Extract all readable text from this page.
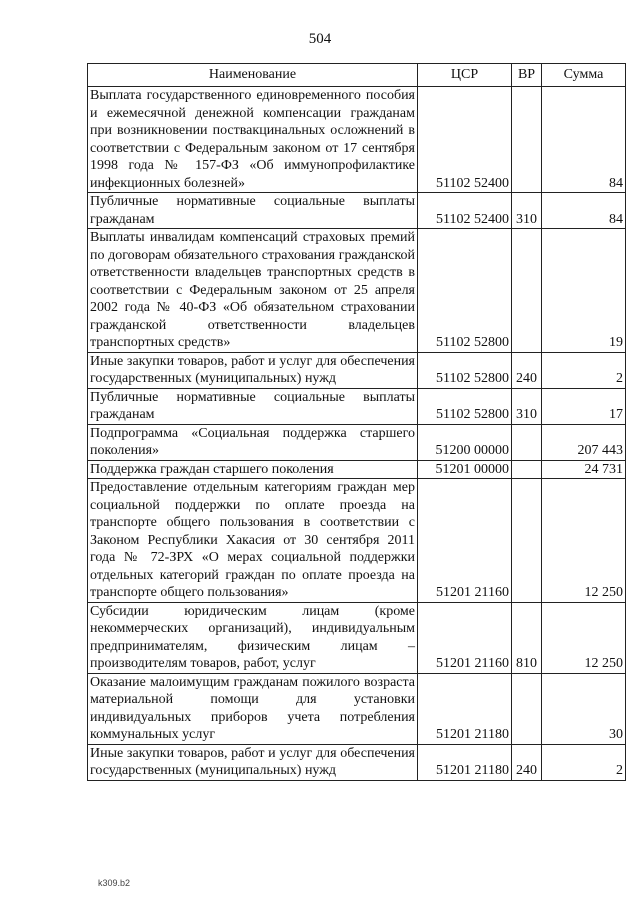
504
Наименование	ЦСР	ВР	Сумма
Выплата государственного единовременного пособия и ежемесячной денежной компенсации гражданам при возникновении поствакцинальных осложнений в соответствии с Федеральным законом от 17 сентября 1998 года № 157-ФЗ «Об иммунопрофилактике инфекционных болезней»	51102 52400		84
Публичные нормативные социальные выплаты гражданам	51102 52400	310	84
Выплаты инвалидам компенсаций страховых премий по договорам обязательного страхования гражданской ответственности владельцев транспортных средств в соответствии с Федеральным законом от 25 апреля 2002 года № 40-ФЗ «Об обязательном страховании гражданской ответственности владельцев транспортных средств»	51102 52800		19
Иные закупки товаров, работ и услуг для обеспечения государственных (муниципальных) нужд	51102 52800	240	2
Публичные нормативные социальные выплаты гражданам	51102 52800	310	17
Подпрограмма «Социальная поддержка старшего поколения»	51200 00000		207 443
Поддержка граждан старшего поколения	51201 00000		24 731
Предоставление отдельным категориям граждан мер социальной поддержки по оплате проезда на транспорте общего пользования в соответствии с Законом Республики Хакасия от 30 сентября 2011 года № 72-ЗРХ «О мерах социальной поддержки отдельных категорий граждан по оплате проезда на транспорте общего пользования»	51201 21160		12 250
Субсидии юридическим лицам (кроме некоммерческих организаций), индивидуальным предпринимателям, физическим лицам – производителям товаров, работ, услуг	51201 21160	810	12 250
Оказание малоимущим гражданам пожилого возраста материальной помощи для установки индивидуальных приборов учета потребления коммунальных услуг	51201 21180		30
Иные закупки товаров, работ и услуг для обеспечения государственных (муниципальных) нужд	51201 21180	240	2
k309.b2
